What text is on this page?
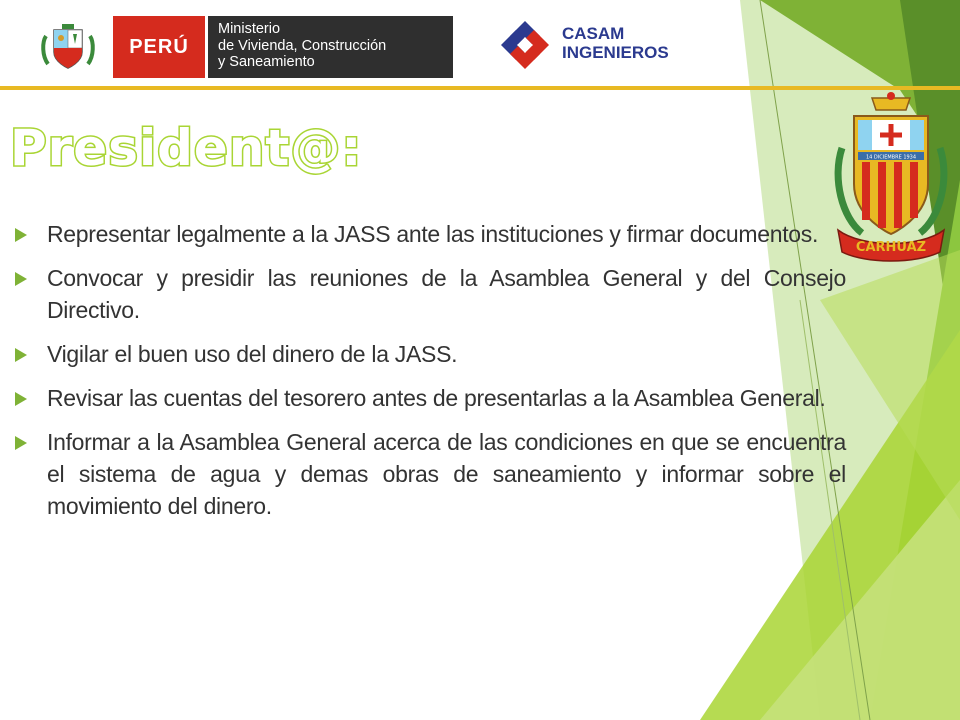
PERÚ
Ministerio
de Vivienda, Construcción
y Saneamiento
CASAM
INGENIEROS
President@:	14 DICIEMBRE 1934
CARHUAZ
Representar legalmente a la JASS ante las instituciones y firmar documentos.
Convocar y presidir las reuniones de la Asamblea General y del Consejo Directivo.
Vigilar el buen uso del dinero de la JASS.
Revisar las cuentas del tesorero antes de presentarlas a la Asamblea General.
Informar a la Asamblea General acerca de las condiciones en que se encuentra el sistema de agua y demas obras de saneamiento y informar sobre el movimiento del dinero.
